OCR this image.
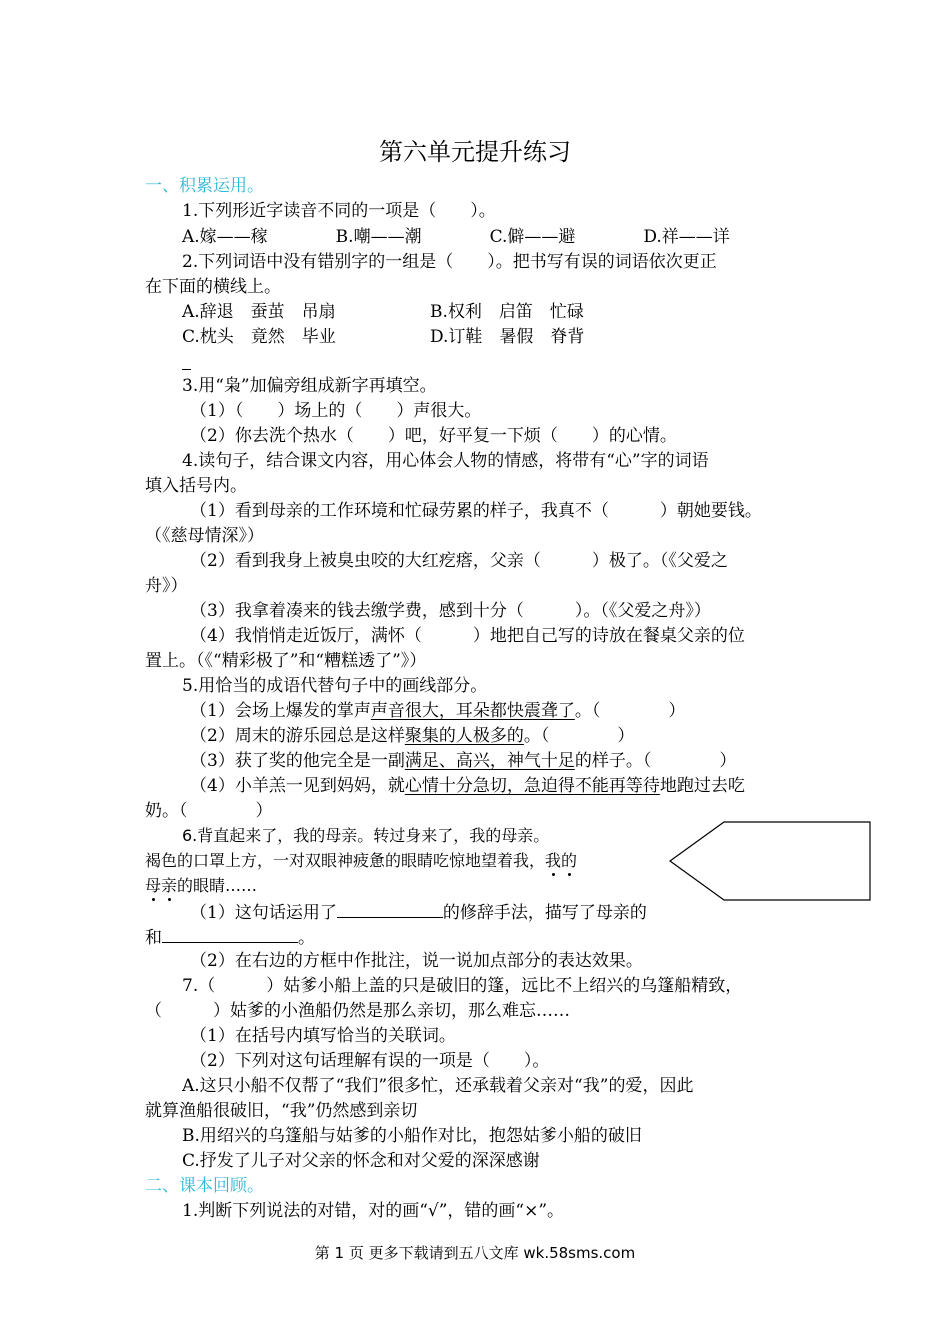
第六单元提升练习
一、积累运用。
1.下列形近字读音不同的一项是（　　）。
A.嫁——稼　　　　B.嘲——潮　　　　C.僻——避　　　　D.祥——详
2.下列词语中没有错别字的一组是（　　）。把书写有误的词语依次更正
在下面的横线上。
A.辞退　蚕茧　吊扇	B.权利　启笛　忙碌
C.枕头　竟然　毕业	D.订鞋　暑假　脊背
3.用“枭”加偏旁组成新字再填空。
（1）（　　）场上的（　　）声很大。
（2）你去洗个热水（　　）吧，好平复一下烦（　　）的心情。
4.读句子，结合课文内容，用心体会人物的情感，将带有“心”字的词语
填入括号内。
（1）看到母亲的工作环境和忙碌劳累的样子，我真不（　　　）朝她要钱。
（《慈母情深》）
（2）看到我身上被臭虫咬的大红疙瘩，父亲（　　　）极了。（《父爱之
舟》）
（3）我拿着凑来的钱去缴学费，感到十分（　　　）。（《父爱之舟》）
（4）我悄悄走近饭厅，满怀（　　　）地把自己写的诗放在餐桌父亲的位
置上。（《“精彩极了”和“糟糕透了”》）
5.用恰当的成语代替句子中的画线部分。
（1）会场上爆发的掌声声音很大，耳朵都快震聋了。（　　　　）
（2）周末的游乐园总是这样聚集的人极多的。（　　　　）
（3）获了奖的他完全是一副满足、高兴，神气十足的样子。（　　　　）
（4）小羊羔一见到妈妈，就心情十分急切，急迫得不能再等待地跑过去吃
奶。（　　　　）
6.背直起来了，我的母亲。转过身来了，我的母亲。
褐色的口罩上方，一对双眼神疲惫的眼睛吃惊地望着我，我的
母亲的眼睛……
（1）这句话运用了	的修辞手法，描写了母亲的
和	。
（2）在右边的方框中作批注，说一说加点部分的表达效果。
7.（　　　）姑爹小船上盖的只是破旧的篷，远比不上绍兴的乌篷船精致，
（　　　）姑爹的小渔船仍然是那么亲切，那么难忘……
（1）在括号内填写恰当的关联词。
（2）下列对这句话理解有误的一项是（　　）。
A.这只小船不仅帮了“我们”很多忙，还承载着父亲对“我”的爱，因此
就算渔船很破旧，“我”仍然感到亲切
B.用绍兴的乌篷船与姑爹的小船作对比，抱怨姑爹小船的破旧
C.抒发了儿子对父亲的怀念和对父爱的深深感谢
二、课本回顾。
1.判断下列说法的对错，对的画“√”，错的画“×”。
第 1 页 更多下载请到五八文库 wk.58sms.com
